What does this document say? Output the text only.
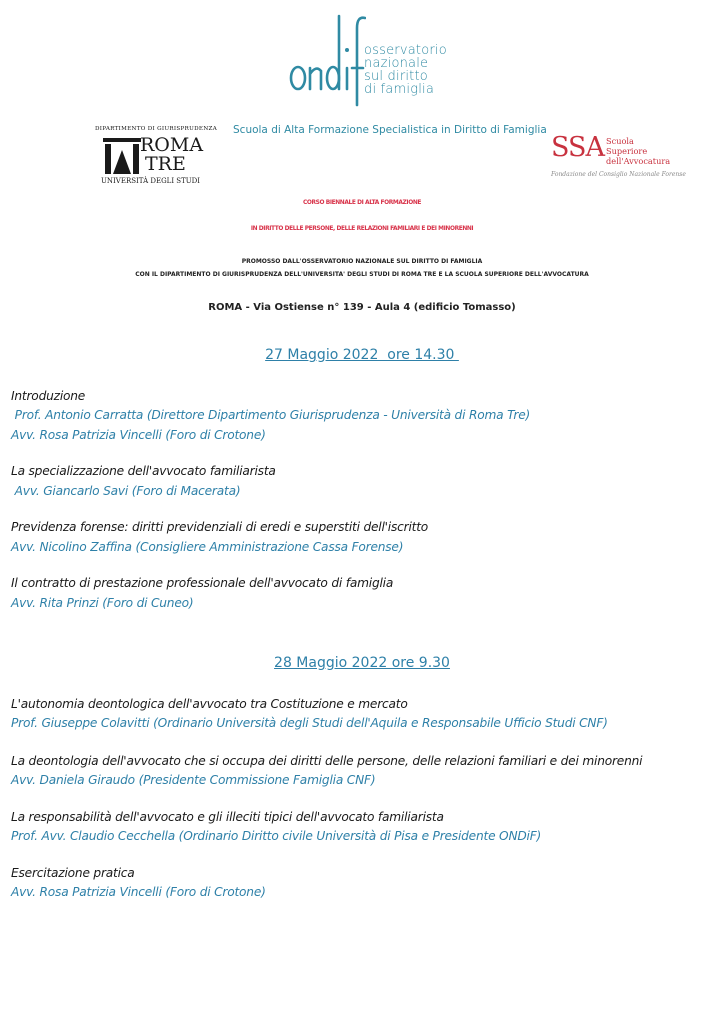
osservatorio
nazionale
sul diritto
di famiglia
Scuola di Alta Formazione Specialistica in Diritto di Famiglia
DIPARTIMENTO DI GIURISPRUDENZA
ROMA
TRE
UNIVERSITÀ DEGLI STUDI
SSA Scuola
Superiore
dell'Avvocatura
Fondazione del Consiglio Nazionale Forense
CORSO BIENNALE DI ALTA FORMAZIONE
IN DIRITTO DELLE PERSONE, DELLE RELAZIONI FAMILIARI E DEI MINORENNI
PROMOSSO DALL'OSSERVATORIO NAZIONALE SUL DIRITTO DI FAMIGLIA
CON IL DIPARTIMENTO DI GIURISPRUDENZA DELL'UNIVERSITA' DEGLI STUDI DI ROMA TRE E LA SCUOLA SUPERIORE DELL'AVVOCATURA
ROMA - Via Ostiense n° 139 - Aula 4 (edificio Tomasso)
27 Maggio 2022  ore 14.30
Introduzione
Prof. Antonio Carratta (Direttore Dipartimento Giurisprudenza - Università di Roma Tre)
Avv. Rosa Patrizia Vincelli (Foro di Crotone)
La specializzazione dell'avvocato familiarista
Avv. Giancarlo Savi (Foro di Macerata)
Previdenza forense: diritti previdenziali di eredi e superstiti dell'iscritto
Avv. Nicolino Zaffina (Consigliere Amministrazione Cassa Forense)
Il contratto di prestazione professionale dell'avvocato di famiglia
Avv. Rita Prinzi (Foro di Cuneo)
28 Maggio 2022 ore 9.30
L'autonomia deontologica dell'avvocato tra Costituzione e mercato
Prof. Giuseppe Colavitti (Ordinario Università degli Studi dell'Aquila e Responsabile Ufficio Studi CNF)
La deontologia dell'avvocato che si occupa dei diritti delle persone, delle relazioni familiari e dei minorenni
Avv. Daniela Giraudo (Presidente Commissione Famiglia CNF)
La responsabilità dell'avvocato e gli illeciti tipici dell'avvocato familiarista
Prof. Avv. Claudio Cecchella (Ordinario Diritto civile Università di Pisa e Presidente ONDiF)
Esercitazione pratica
Avv. Rosa Patrizia Vincelli (Foro di Crotone)
